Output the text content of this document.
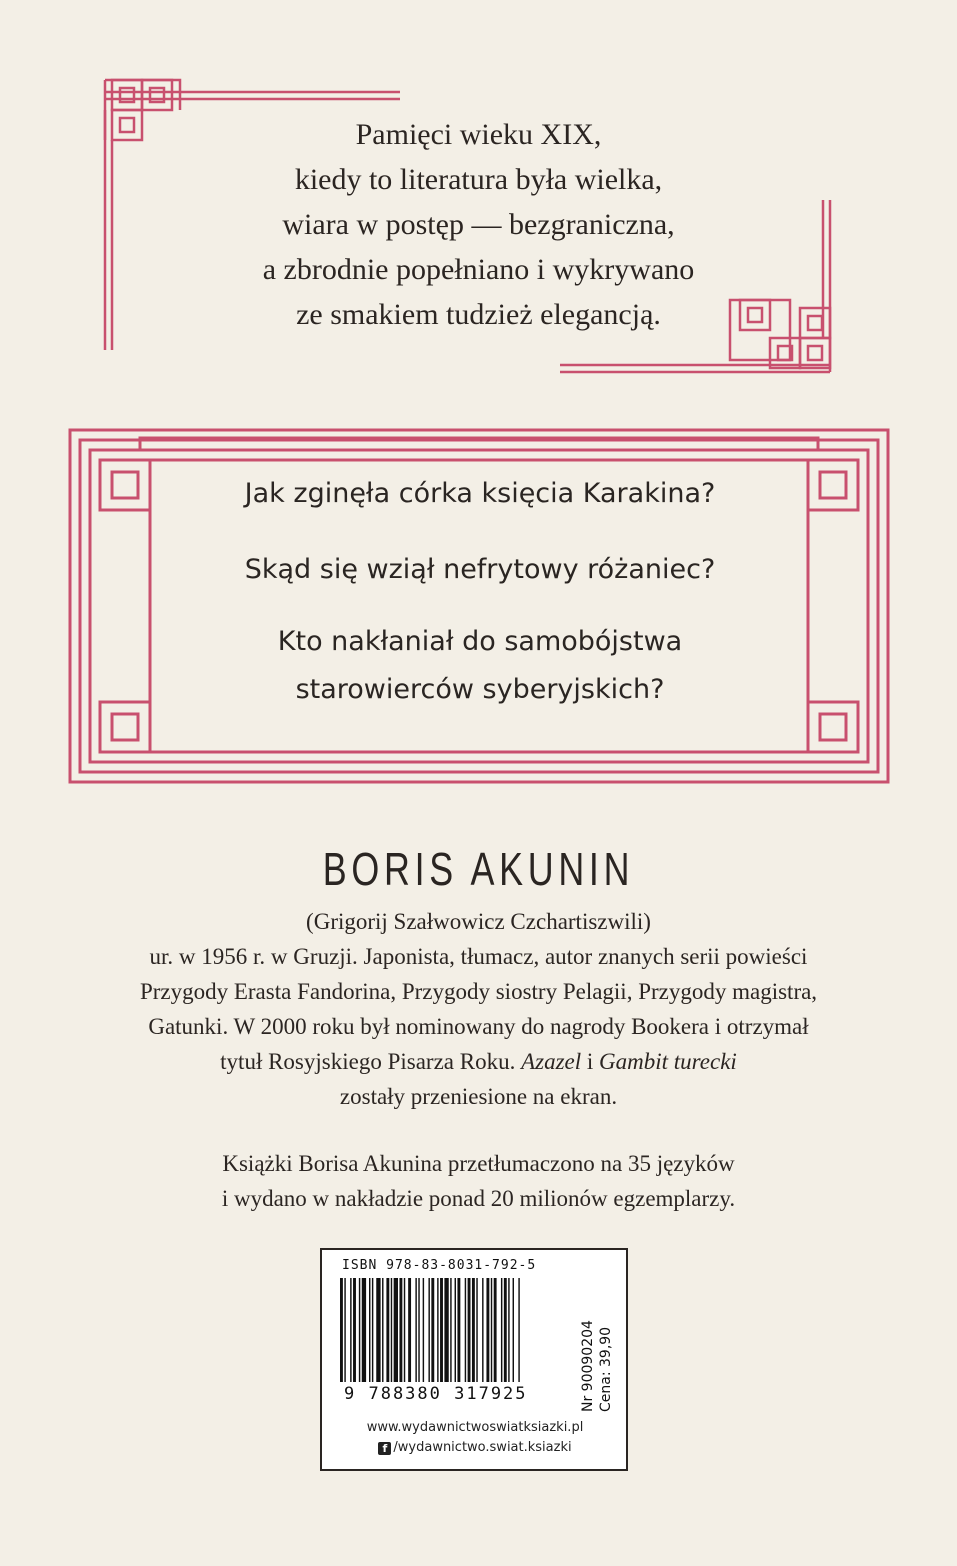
Pamięci wieku XIX,
kiedy to literatura była wielka,
wiara w postęp — bezgraniczna,
a zbrodnie popełniano i wykrywano
ze smakiem tudzież elegancją.
Jak zginęła córka księcia Karakina?
Skąd się wziął nefrytowy różaniec?
Kto nakłaniał do samobójstwa
starowierców syberyjskich?
BORIS AKUNIN
(Grigorij Szałwowicz Czchartiszwili)
ur. w 1956 r. w Gruzji. Japonista, tłumacz, autor znanych serii powieści
Przygody Erasta Fandorina, Przygody siostry Pelagii, Przygody magistra,
Gatunki. W 2000 roku był nominowany do nagrody Bookera i otrzymał
tytuł Rosyjskiego Pisarza Roku. Azazel i Gambit turecki
zostały przeniesione na ekran.
Książki Borisa Akunina przetłumaczono na 35 języków
i wydano w nakładzie ponad 20 milionów egzemplarzy.
ISBN 978-83-8031-792-5
9 788380 317925	Nr 90090204 Cena: 39,90
www.wydawnictwoswiatksiazki.pl
f /wydawnictwo.swiat.ksiazki
